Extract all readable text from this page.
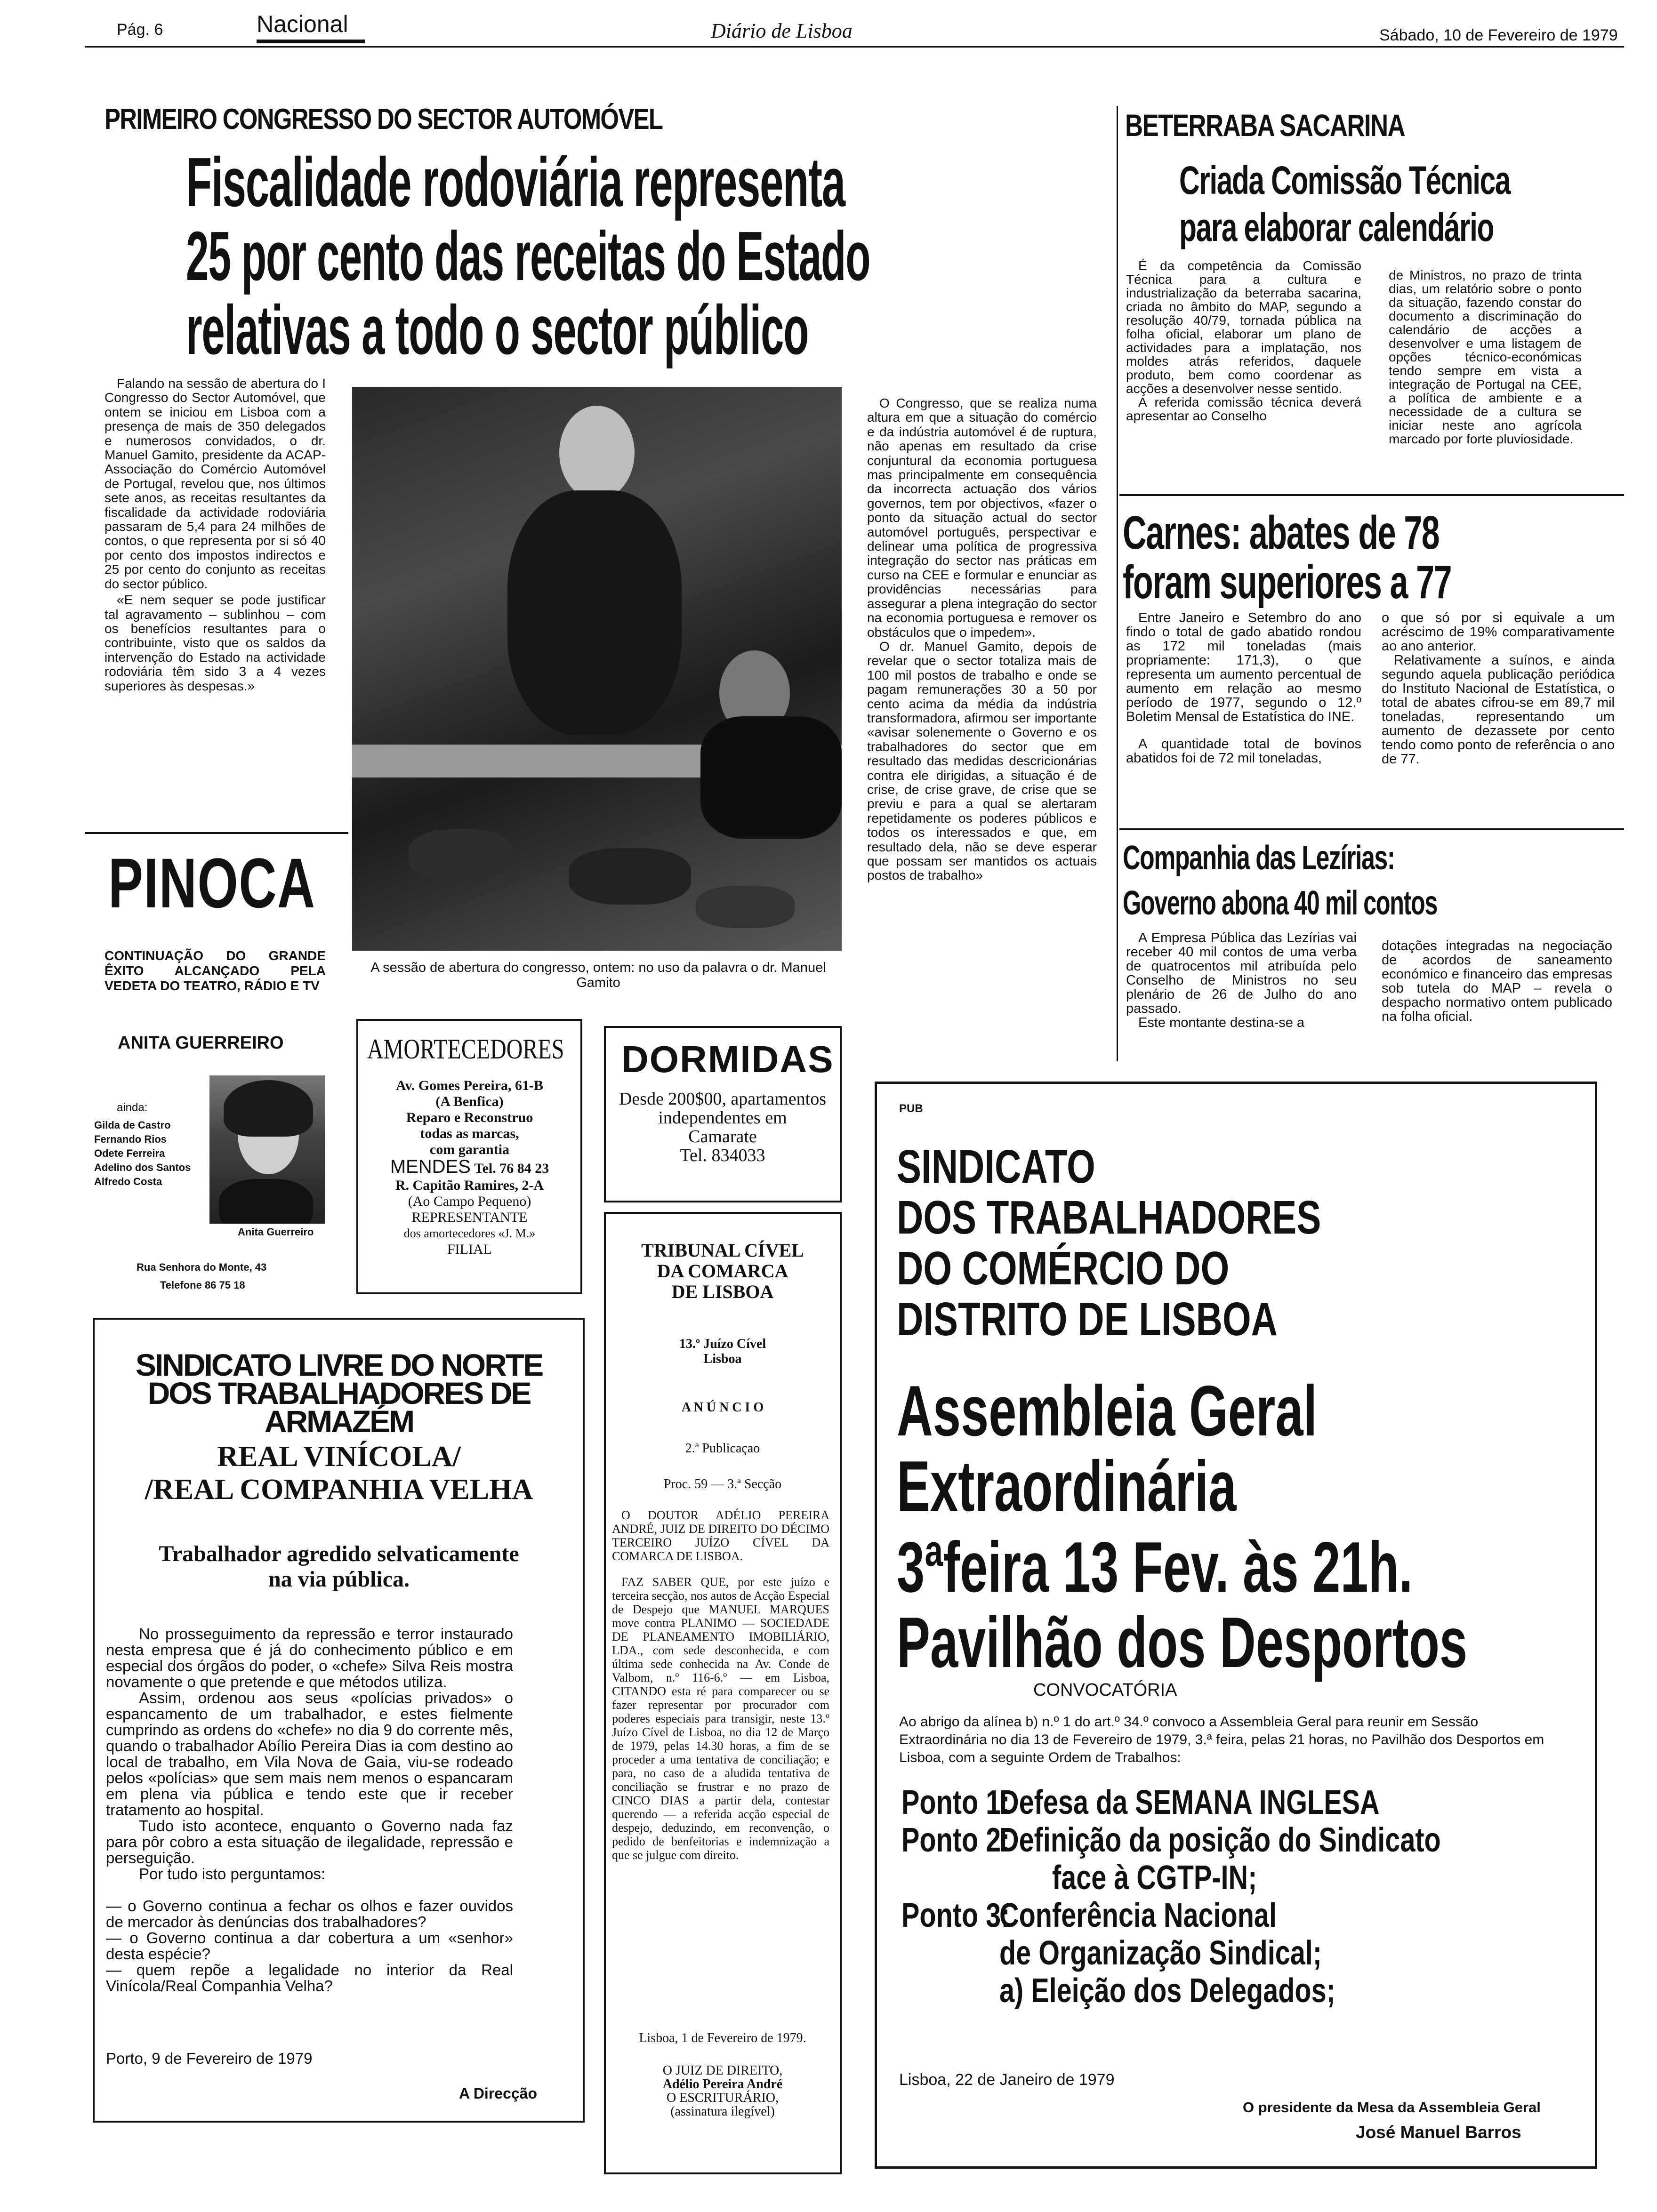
Pág. 6	Nacional	Diário de Lisboa	Sábado, 10 de Fevereiro de 1979
PRIMEIRO CONGRESSO DO SECTOR AUTOMÓVEL
Fiscalidade rodoviária representa
25 por cento das receitas do Estado
relativas a todo o sector público

Falando na sessão de abertura do I Congresso do Sector Automóvel, que ontem se iniciou em Lisboa com a presença de mais de 350 delegados e numerosos convidados, o dr. Manuel Gamito, presidente da ACAP-Associação do Comércio Automóvel de Portugal, revelou que, nos últimos sete anos, as receitas resultantes da fiscalidade da actividade rodoviária passaram de 5,4 para 24 milhões de contos, o que representa por si só 40 por cento dos impostos indirectos e 25 por cento do conjunto as receitas do sector público.

«E nem sequer se pode justificar tal agravamento – sublinhou – com os benefícios resultantes para o contribuinte, visto que os saldos da intervenção do Estado na actividade rodoviária têm sido 3 a 4 vezes superiores às despesas.»

A sessão de abertura do congresso, ontem: no uso da palavra o dr. Manuel Gamito

O Congresso, que se realiza numa altura em que a situação do comércio e da indústria automóvel é de ruptura, não apenas em resultado da crise conjuntural da economia portuguesa mas principalmente em consequência da incorrecta actuação dos vários governos, tem por objectivos, «fazer o ponto da situação actual do sector automóvel português, perspectivar e delinear uma política de progressiva integração do sector nas práticas em curso na CEE e formular e enunciar as providências necessárias para assegurar a plena integração do sector na economia portuguesa e remover os obstáculos que o impedem».

O dr. Manuel Gamito, depois de revelar que o sector totaliza mais de 100 mil postos de trabalho e onde se pagam remunerações 30 a 50 por cento acima da média da indústria transformadora, afirmou ser importante «avisar solenemente o Governo e os trabalhadores do sector que em resultado das medidas descricionárias contra ele dirigidas, a situação é de crise, de crise grave, de crise que se previu e para a qual se alertaram repetidamente os poderes públicos e todos os interessados e que, em resultado dela, não se deve esperar que possam ser mantidos os actuais postos de trabalho»

BETERRABA SACARINA
Criada Comissão Técnica
para elaborar calendário

É da competência da Comissão Técnica para a cultura e industrialização da beterraba sacarina, criada no âmbito do MAP, segundo a resolução 40/79, tornada pública na folha oficial, elaborar um plano de actividades para a implatação, nos moldes atrás referidos, daquele produto, bem como coordenar as acções a desenvolver nesse sentido.

A referida comissão técnica deverá apresentar ao Conselho

de Ministros, no prazo de trinta dias, um relatório sobre o ponto da situação, fazendo constar do documento a discriminação do calendário de acções a desenvolver e uma listagem de opções técnico-económicas tendo sempre em vista a integração de Portugal na CEE, a política de ambiente e a necessidade de a cultura se iniciar neste ano agrícola marcado por forte pluviosidade.

Carnes: abates de 78
foram superiores a 77

Entre Janeiro e Setembro do ano findo o total de gado abatido rondou as 172 mil toneladas (mais propriamente: 171,3), o que representa um aumento percentual de aumento em relação ao mesmo período de 1977, segundo o 12.º Boletim Mensal de Estatística do INE.

A quantidade total de bovinos abatidos foi de 72 mil toneladas,

o que só por si equivale a um acréscimo de 19% comparativamente ao ano anterior.

Relativamente a suínos, e ainda segundo aquela publicação periódica do Instituto Nacional de Estatística, o total de abates cifrou-se em 89,7 mil toneladas, representando um aumento de dezassete por cento tendo como ponto de referência o ano de 77.

Companhia das Lezírias:
Governo abona 40 mil contos

A Empresa Pública das Lezírias vai receber 40 mil contos de uma verba de quatrocentos mil atribuída pelo Conselho de Ministros no seu plenário de 26 de Julho do ano passado.

Este montante destina-se a

dotações integradas na negociação de acordos de saneamento económico e financeiro das empresas sob tutela do MAP – revela o despacho normativo ontem publicado na folha oficial.

PINOCA
CONTINUAÇÃO DO GRANDE ÊXITO ALCANÇADO PELA VEDETA DO TEATRO, RÁDIO E TV
ANITA GUERREIRO
ainda:
Gilda de Castro
Fernando Rios
Odete Ferreira
Adelino dos Santos
Alfredo Costa
Anita Guerreiro
Rua Senhora do Monte, 43
Telefone 86 75 18
AMORTECEDORES
Av. Gomes Pereira, 61-B
(A Benfica)
Reparo e Reconstruo
todas as marcas,
com garantia
MENDES Tel. 76 84 23
R. Capitão Ramires, 2-A
(Ao Campo Pequeno)
REPRESENTANTE
dos amortecedores «J. M.»
FILIAL
DORMIDAS
Desde 200$00, apartamentos independentes em
Camarate
Tel. 834033
TRIBUNAL CÍVEL
DA COMARCA
DE LISBOA
13.º Juízo Cível
Lisboa
A N Ú N C I O
2.ª Publicaçao
Proc. 59 — 3.ª Secção

O DOUTOR ADÉLIO PEREIRA ANDRÉ, JUIZ DE DIREITO DO DÉCIMO TERCEIRO JUÍZO CÍVEL DA COMARCA DE LISBOA.

FAZ SABER QUE, por este juízo e terceira secção, nos autos de Acção Especial de Despejo que MANUEL MARQUES move contra PLANIMO — SOCIEDADE DE PLANEAMENTO IMOBILIÁRIO, LDA., com sede desconhecida, e com última sede conhecida na Av. Conde de Valbom, n.º 116-6.º — em Lisboa, CITANDO esta ré para comparecer ou se fazer representar por procurador com poderes especiais para transigir, neste 13.º Juízo Cível de Lisboa, no dia 12 de Março de 1979, pelas 14.30 horas, a fim de se proceder a uma tentativa de conciliação; e para, no caso de a aludida tentativa de conciliação se frustrar e no prazo de CINCO DIAS a partir dela, contestar querendo — a referida acção especial de despejo, deduzindo, em reconvenção, o pedido de benfeitorias e indemnização a que se julgue com direito.

Lisboa, 1 de Fevereiro de 1979.
O JUIZ DE DIREITO,
Adélio Pereira André
O ESCRITURÁRIO,
(assinatura ilegível)
SINDICATO LIVRE DO NORTE
DOS TRABALHADORES DE ARMAZÉM
REAL VINÍCOLA/
/REAL COMPANHIA VELHA
Trabalhador agredido selvaticamente
na via pública.

No prosseguimento da repressão e terror instaurado nesta empresa que é já do conhecimento público e em especial dos órgãos do poder, o «chefe» Silva Reis mostra novamente o que pretende e que métodos utiliza.

Assim, ordenou aos seus «polícias privados» o espancamento de um trabalhador, e estes fielmente cumprindo as ordens do «chefe» no dia 9 do corrente mês, quando o trabalhador Abílio Pereira Dias ia com destino ao local de trabalho, em Vila Nova de Gaia, viu-se rodeado pelos «polícias» que sem mais nem menos o espancaram em plena via pública e tendo este que ir receber tratamento ao hospital.

Tudo isto acontece, enquanto o Governo nada faz para pôr cobro a esta situação de ilegalidade, repressão e perseguição.

Por tudo isto perguntamos:

— o Governo continua a fechar os olhos e fazer ouvidos de mercador às denúncias dos trabalhadores?

— o Governo continua a dar cobertura a um «senhor» desta espécie?

— quem repõe a legalidade no interior da Real Vinícola/Real Companhia Velha?

Porto, 9 de Fevereiro de 1979
A Direcção
PUB
SINDICATO
DOS TRABALHADORES
DO COMÉRCIO DO
DISTRITO DE LISBOA
Assembleia Geral
Extraordinária
3ªfeira 13 Fev. às 21h.
Pavilhão dos Desportos
CONVOCATÓRIA
Ao abrigo da alínea b) n.º 1 do art.º 34.º convoco a Assembleia Geral para reunir em Sessão Extraordinária no dia 13 de Fevereiro de 1979, 3.ª feira, pelas 21 horas, no Pavilhão dos Desportos em Lisboa, com a seguinte Ordem de Trabalhos:
Ponto 1:Defesa da SEMANA INGLESA
Ponto 2:Definição da posição do Sindicato
face à CGTP-IN;
Ponto 3:Conferência Nacional
de Organização Sindical;
a) Eleição dos Delegados;
Lisboa, 22 de Janeiro de 1979
O presidente da Mesa da Assembleia Geral
José Manuel Barros
